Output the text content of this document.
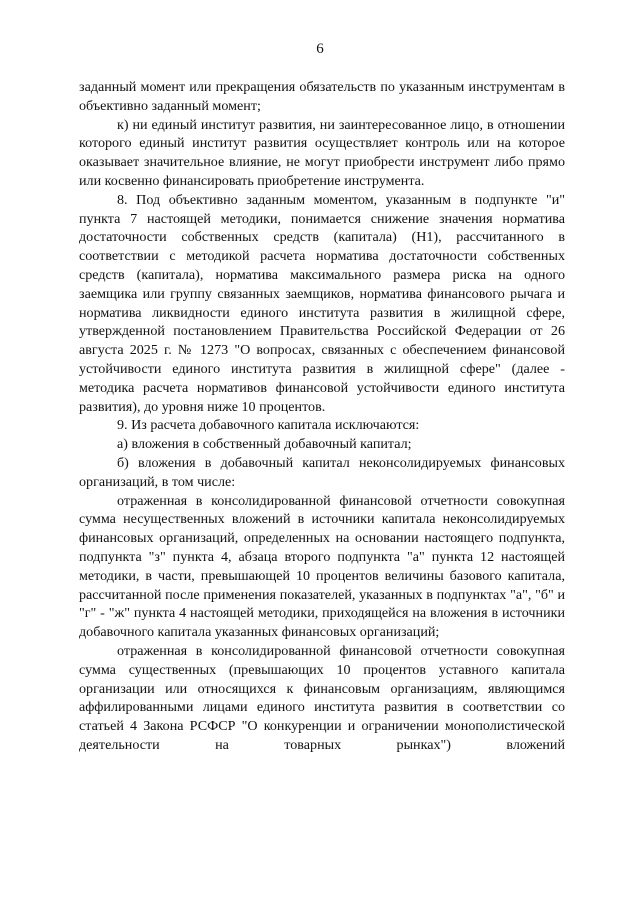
6

заданный момент или прекращения обязательств по указанным инструментам в объективно заданный момент;

к) ни единый институт развития, ни заинтересованное лицо, в отношении которого единый институт развития осуществляет контроль или на которое оказывает значительное влияние, не могут приобрести инструмент либо прямо или косвенно финансировать приобретение инструмента.

8. Под объективно заданным моментом, указанным в подпункте "и" пункта 7 настоящей методики, понимается снижение значения норматива достаточности собственных средств (капитала) (Н1), рассчитанного в соответствии с методикой расчета норматива достаточности собственных средств (капитала), норматива максимального размера риска на одного заемщика или группу связанных заемщиков, норматива финансового рычага и норматива ликвидности единого института развития в жилищной сфере, утвержденной постановлением Правительства Российской Федерации от 26 августа 2025 г. № 1273 "О вопросах, связанных с обеспечением финансовой устойчивости единого института развития в жилищной сфере" (далее - методика расчета нормативов финансовой устойчивости единого института развития), до уровня ниже 10 процентов.

9. Из расчета добавочного капитала исключаются:

а) вложения в собственный добавочный капитал;

б) вложения в добавочный капитал неконсолидируемых финансовых организаций, в том числе:

отраженная в консолидированной финансовой отчетности совокупная сумма несущественных вложений в источники капитала неконсолидируемых финансовых организаций, определенных на основании настоящего подпункта, подпункта "з" пункта 4, абзаца второго подпункта "а" пункта 12 настоящей методики, в части, превышающей 10 процентов величины базового капитала, рассчитанной после применения показателей, указанных в подпунктах "а", "б" и "г" - "ж" пункта 4 настоящей методики, приходящейся на вложения в источники добавочного капитала указанных финансовых организаций;

отраженная в консолидированной финансовой отчетности совокупная сумма существенных (превышающих 10 процентов уставного капитала организации или относящихся к финансовым организациям, являющимся аффилированными лицами единого института развития в соответствии со статьей 4 Закона РСФСР "О конкуренции и ограничении монополистической деятельности на товарных рынках") вложений
